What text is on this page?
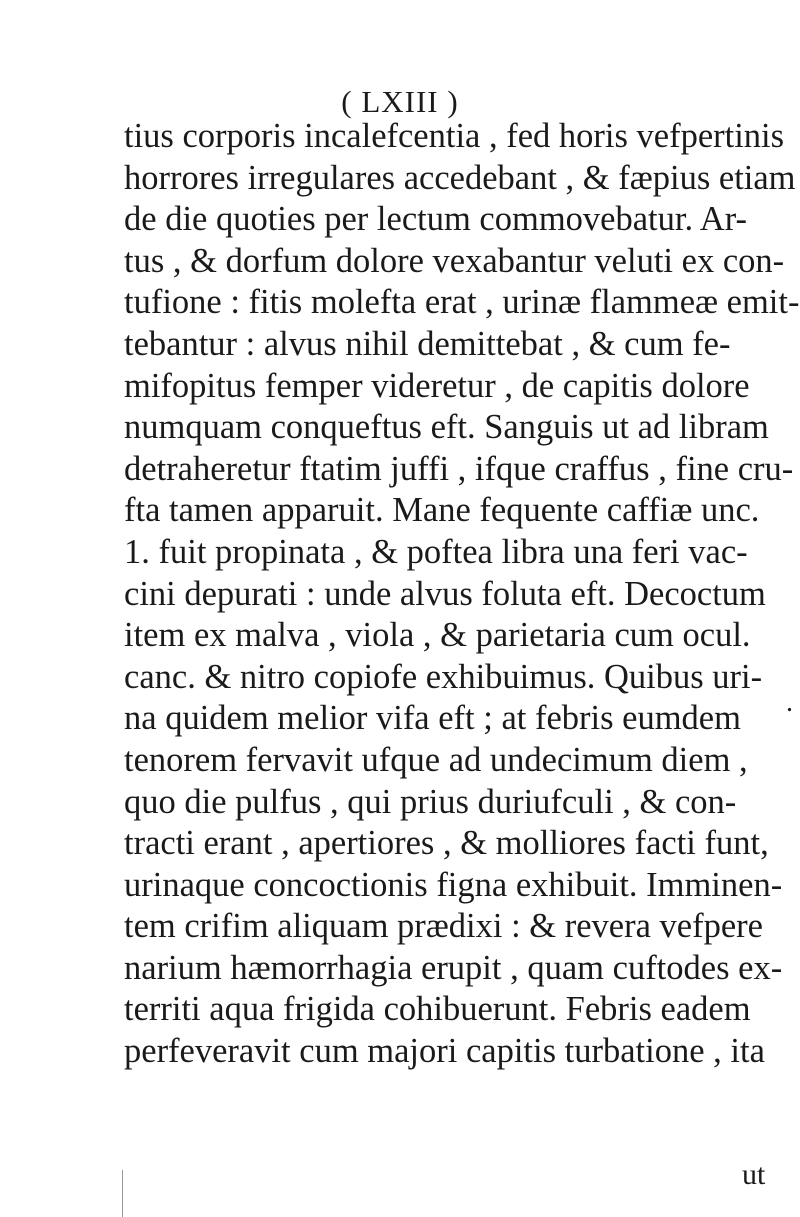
( LXIII )
tius corporis incalefcentia , fed horis vefpertinis
horrores irregulares accedebant , & fæpius etiam
de die quoties per lectum commovebatur. Ar-
tus , & dorfum dolore vexabantur veluti ex con-
tufione : fitis molefta erat , urinæ flammeæ emit-
tebantur : alvus nihil demittebat , & cum fe-
mifopitus femper videretur , de capitis dolore
numquam conqueftus eft. Sanguis ut ad libram
detraheretur ftatim juffi , ifque craffus , fine cru-
fta tamen apparuit. Mane fequente caffiæ unc.
1. fuit propinata , & poftea libra una feri vac-
cini depurati : unde alvus foluta eft. Decoctum
item ex malva , viola , & parietaria cum ocul.
canc. & nitro copiofe exhibuimus. Quibus uri-
na quidem melior vifa eft ; at febris eumdem
tenorem fervavit ufque ad undecimum diem ,
quo die pulfus , qui prius duriufculi , & con-
tracti erant , apertiores , & molliores facti funt,
urinaque concoctionis figna exhibuit. Imminen-
tem crifim aliquam prædixi : & revera vefpere
narium hæmorrhagia erupit , quam cuftodes ex-
territi aqua frigida cohibuerunt. Febris eadem
perfeveravit cum majori capitis turbatione , ita
.
ut
